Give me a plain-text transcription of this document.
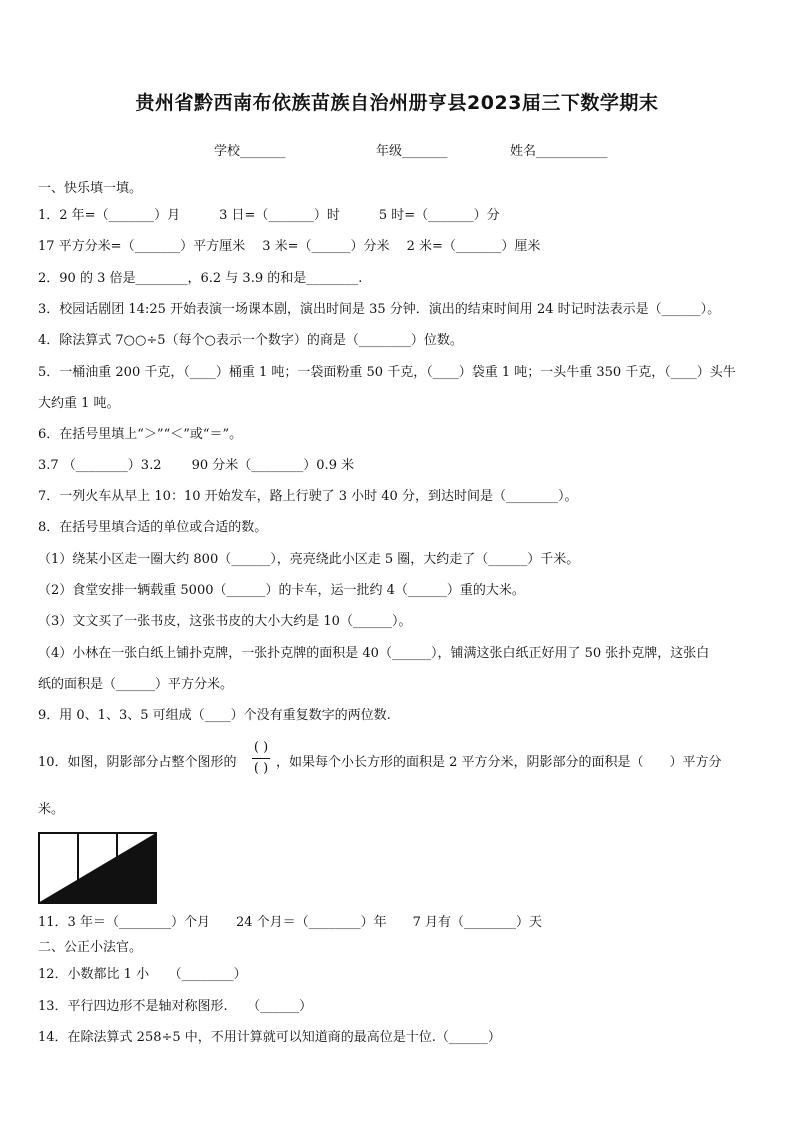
贵州省黔西南布依族苗族自治州册亨县2023届三下数学期末
学校_______	年级_______	姓名___________
一、快乐填一填。
1．2 年=（_______）月　　　3 日=（_______）时　　　5 时=（_______）分
17 平方分米=（_______）平方厘米　 3 米=（______）分米　 2 米=（_______）厘米
2．90 的 3 倍是________，6.2 与 3.9 的和是________.
3．校园话剧团 14:25 开始表演一场课本剧，演出时间是 35 分钟．演出的结束时间用 24 时记时法表示是（______）。
4．除法算式 7○○÷5（每个○表示一个数字）的商是（________）位数。
5．一桶油重 200 千克，（____）桶重 1 吨；一袋面粉重 50 千克，（____）袋重 1 吨；一头牛重 350 千克，（____）头牛
大约重 1 吨。
6．在括号里填上“＞”“＜”或“＝”。
3.7 （________）3.2 　　90 分米（________）0.9 米
7．一列火车从早上 10：10 开始发车，路上行驶了 3 小时 40 分，到达时间是（________）。
8．在括号里填合适的单位或合适的数。
（1）绕某小区走一圈大约 800（______），亮亮绕此小区走 5 圈，大约走了（______）千米。
（2）食堂安排一辆载重 5000（______）的卡车，运一批约 4（______）重的大米。
（3）文文买了一张书皮，这张书皮的大小大约是 10（______）。
（4）小林在一张白纸上铺扑克牌，一张扑克牌的面积是 40（______），铺满这张白纸正好用了 50 张扑克牌，这张白
纸的面积是（______）平方分米。
9．用 0、1、3、5 可组成（____）个没有重复数字的两位数.
10．如图，阴影部分占整个图形的
( )
( ) ，如果每个小长方形的面积是 2 平方分米，阴影部分的面积是（　　）平方分
米。
11．3 年＝（________）个月　　24 个月＝（________）年　　7 月有（________）天
二、公正小法官。
12．小数都比 1 小　　（________）
13．平行四边形不是轴对称图形.　　（______）
14．在除法算式 258÷5 中，不用计算就可以知道商的最高位是十位.（______）
